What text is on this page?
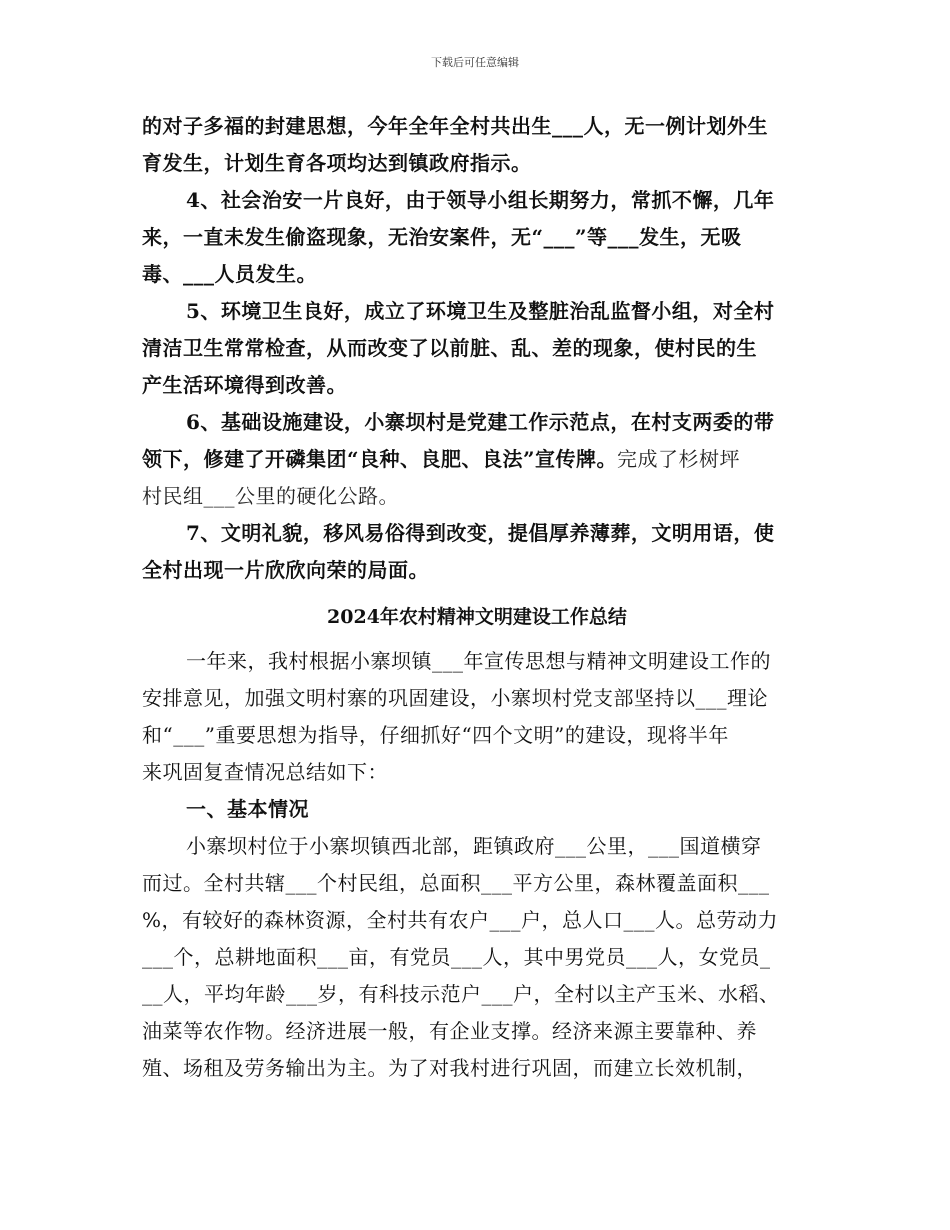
下载后可任意编辑
的对子多福的封建思想，今年全年全村共出生___人，无一例计划外生
育发生，计划生育各项均达到镇政府指示。
4、社会治安一片良好，由于领导小组长期努力，常抓不懈，几年
来，一直未发生偷盗现象，无治安案件，无“___”等___发生，无吸
毒、___人员发生。
5、环境卫生良好，成立了环境卫生及整脏治乱监督小组，对全村
清洁卫生常常检查，从而改变了以前脏、乱、差的现象，使村民的生
产生活环境得到改善。
6、基础设施建设，小寨坝村是党建工作示范点，在村支两委的带
领下，修建了开磷集团“良种、良肥、良法”宣传牌。完成了杉树坪
村民组___公里的硬化公路。
7、文明礼貌，移风易俗得到改变，提倡厚养薄葬，文明用语，使
全村出现一片欣欣向荣的局面。
2024年农村精神文明建设工作总结
一年来，我村根据小寨坝镇___年宣传思想与精神文明建设工作的
安排意见，加强文明村寨的巩固建设，小寨坝村党支部坚持以___理论
和“___”重要思想为指导，仔细抓好“四个文明”的建设，现将半年
来巩固复查情况总结如下：
一、基本情况
小寨坝村位于小寨坝镇西北部，距镇政府___公里，___国道横穿
而过。全村共辖___个村民组，总面积___平方公里，森林覆盖面积___
%，有较好的森林资源，全村共有农户___户，总人口___人。总劳动力
___个，总耕地面积___亩，有党员___人，其中男党员___人，女党员_
__人，平均年龄___岁，有科技示范户___户，全村以主产玉米、水稻、
油菜等农作物。经济进展一般，有企业支撑。经济来源主要靠种、养
殖、场租及劳务输出为主。为了对我村进行巩固，而建立长效机制，
